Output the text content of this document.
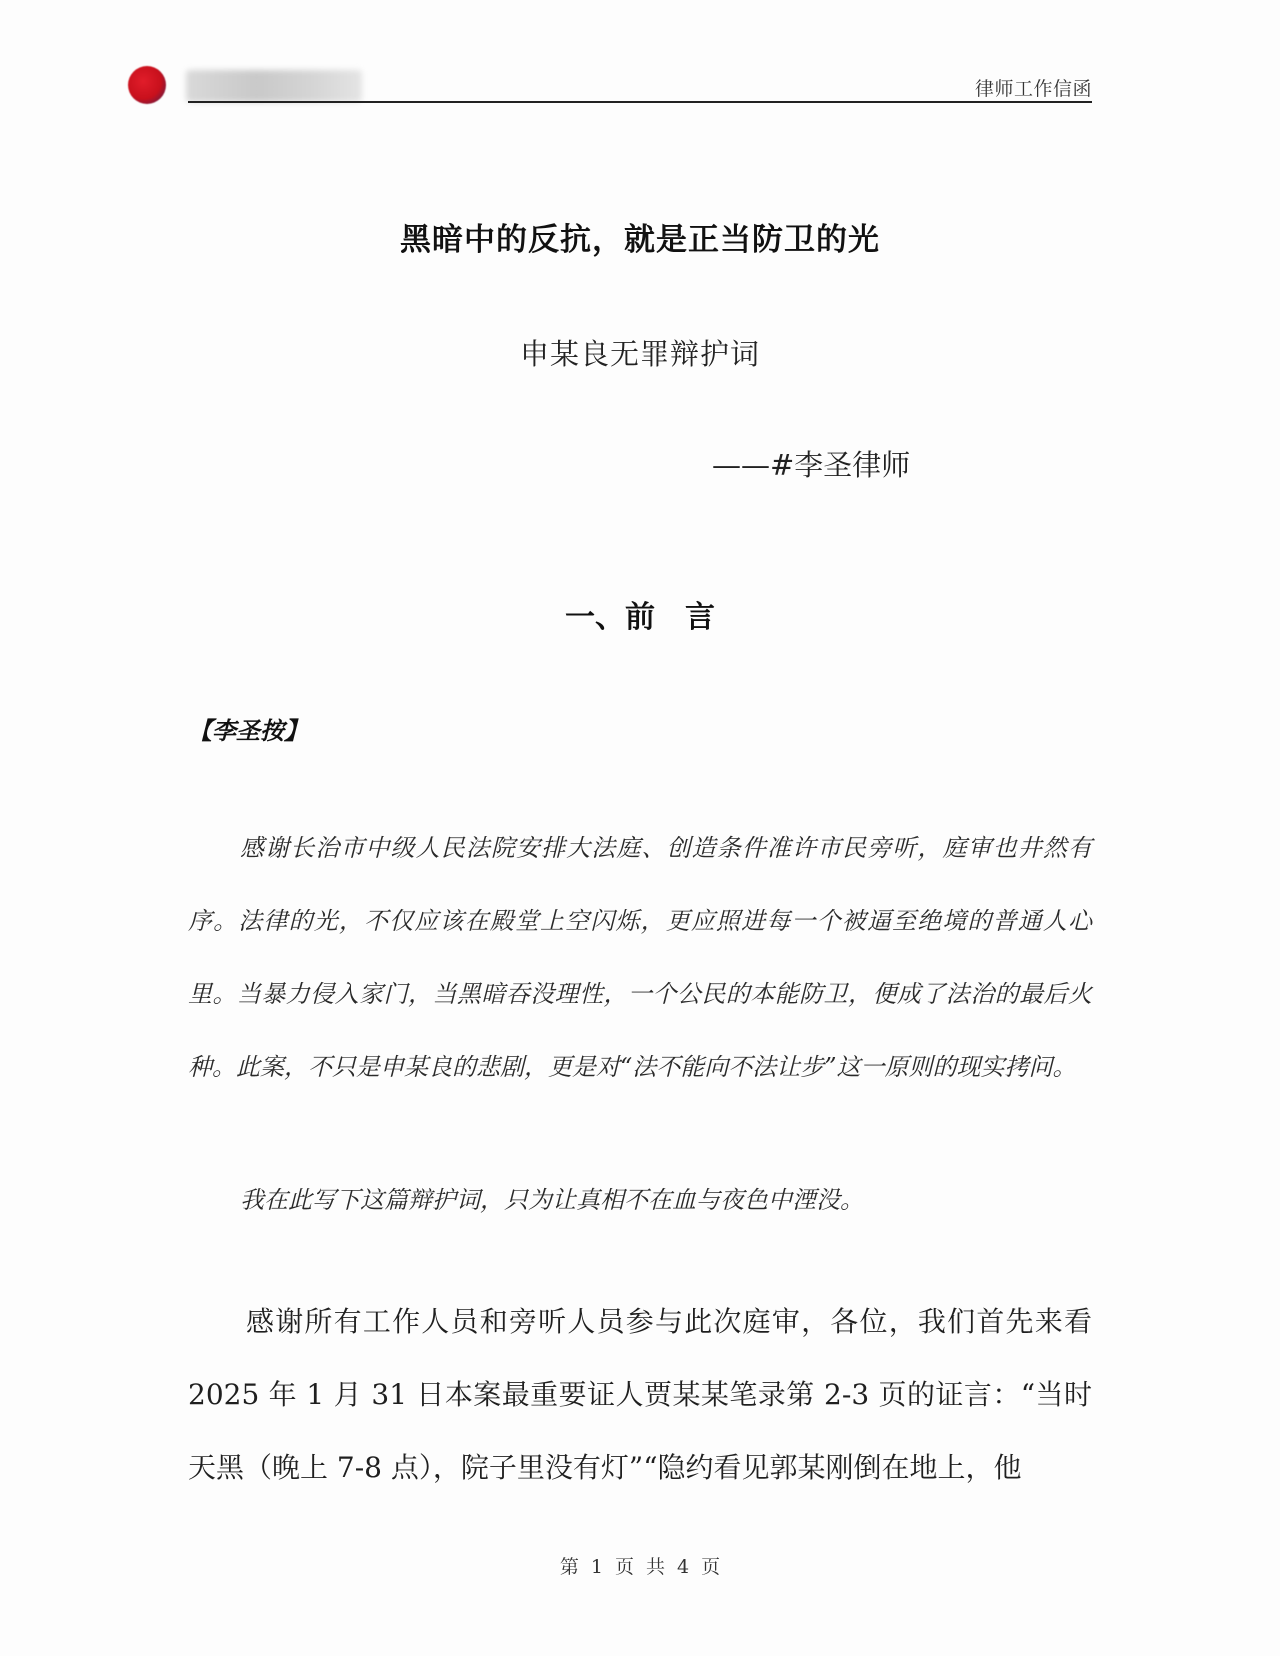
律师工作信函
黑暗中的反抗，就是正当防卫的光
申某良无罪辩护词
——#李圣律师
一、前　言
【李圣按】

感谢长治市中级人民法院安排大法庭、创造条件准许市民旁听，庭审也井然有序。法律的光，不仅应该在殿堂上空闪烁，更应照进每一个被逼至绝境的普通人心里。当暴力侵入家门，当黑暗吞没理性，一个公民的本能防卫，便成了法治的最后火种。此案，不只是申某良的悲剧，更是对“法不能向不法让步”这一原则的现实拷问。

我在此写下这篇辩护词，只为让真相不在血与夜色中湮没。

感谢所有工作人员和旁听人员参与此次庭审，各位，我们首先来看 2025 年 1 月 31 日本案最重要证人贾某某笔录第 2-3 页的证言：“当时天黑（晚上 7-8 点），院子里没有灯”“隐约看见郭某刚倒在地上，他

第 1 页 共 4 页
